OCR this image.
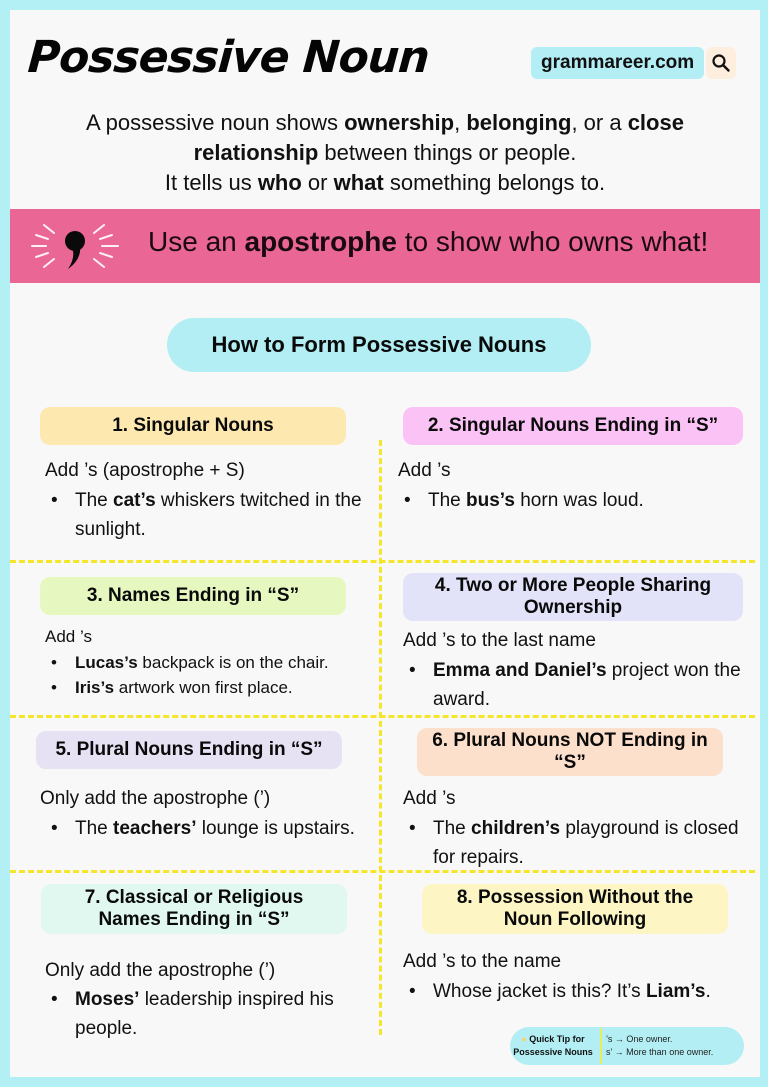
Possessive Noun	grammareer.com
A possessive noun shows ownership, belonging, or a close
relationship between things or people.
It tells us who or what something belongs to.
Use an apostrophe to show who owns what!
How to Form Possessive Nouns
1. Singular Nouns
Add ’s (apostrophe + S)
• The cat’s whiskers twitched in the sunlight.
2. Singular Nouns Ending in “S”
Add ’s
• The bus’s horn was loud.
3. Names Ending in “S”
Add ’s
• Lucas’s backpack is on the chair.
• Iris’s artwork won first place.
4. Two or More People Sharing Ownership
Add ’s to the last name
• Emma and Daniel’s project won the award.
5. Plural Nouns Ending in “S”
Only add the apostrophe (’)
• The teachers’ lounge is upstairs.
6. Plural Nouns NOT Ending in “S”
Add ’s
• The children’s playground is closed for repairs.
7. Classical or Religious Names Ending in “S”
Only add the apostrophe (’)
• Moses’ leadership inspired his people.
8. Possession Without the Noun Following
Add ’s to the name
• Whose jacket is this? It’s Liam’s.
● Quick Tip for
Possessive Nouns
’s → One owner.
s’ → More than one owner.
